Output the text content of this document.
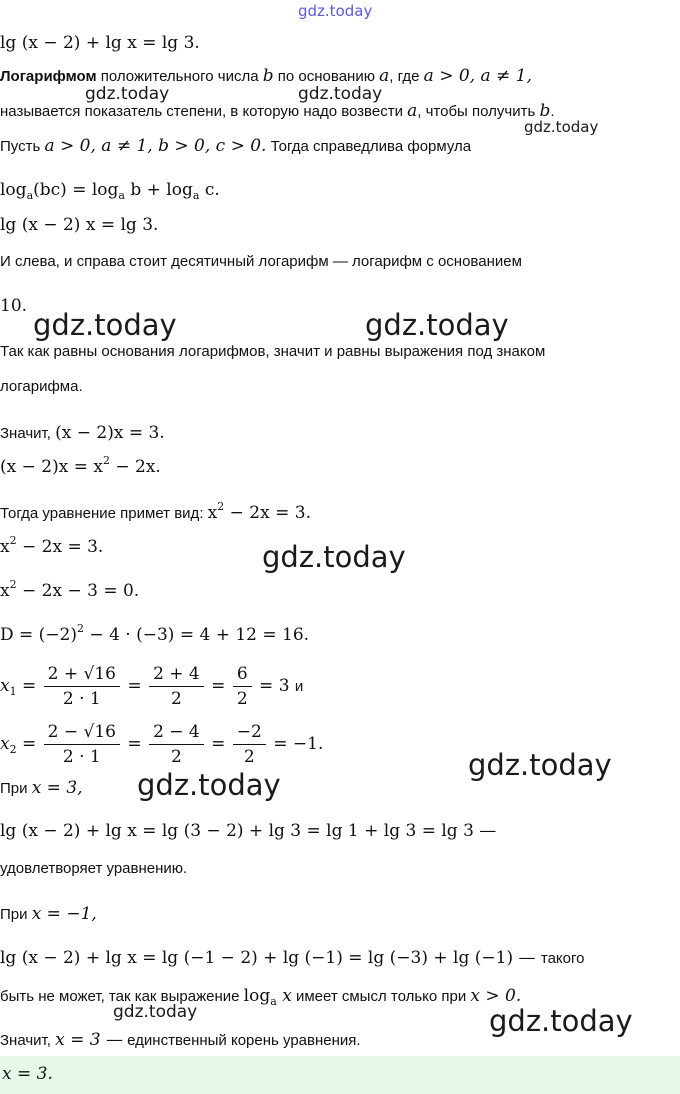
gdz.today
gdz.today	gdz.today
gdz.today
gdz.today	gdz.today
gdz.today
gdz.today
gdz.today
gdz.today	gdz.today
lg (x − 2) + lg x = lg 3.
Логарифмом положительного числа b по основанию a, где a > 0, a ≠ 1,
называется показатель степени, в которую надо возвести a, чтобы получить b.
Пусть a > 0, a ≠ 1, b > 0, c > 0. Тогда справедлива формула
$\log_a(bc) = \log_a b + \log_a c$.
lg (x − 2) x = lg 3.
И слева, и справа стоит десятичный логарифм — логарифм с основанием
10.
Так как равны основания логарифмов, значит и равны выражения под знаком
логарифма.
Значит, (x − 2)x = 3.
$(x - 2)x = x^2 - 2x$.
Тогда уравнение примет вид: $x^2 - 2x = 3$.
$x^2 - 2x = 3$.
$x^2 - 2x - 3 = 0$.
$D = (-2)^2 - 4 \cdot (-3) = 4 + 12 = 16$.
$x_1 = \frac{2 + √16}{2 \cdot 1} = \frac{2 + 4}{2} = \frac{6}{2} = 3$ и
$x_2 = \frac{2 - √16}{2 \cdot 1} = \frac{2 - 4}{2} = \frac{-2}{2} = -1$.
При x = 3,
lg (x − 2) + lg x = lg (3 − 2) + lg 3 = lg 1 + lg 3 = lg 3 —
удовлетворяет уравнению.
При x = −1,
lg (x − 2) + lg x = lg (−1 − 2) + lg (−1) = lg (−3) + lg (−1) — такого
быть не может, так как выражение $\log_a x$ имеет смысл только при x > 0.
Значит, x = 3 — единственный корень уравнения.
x = 3.
